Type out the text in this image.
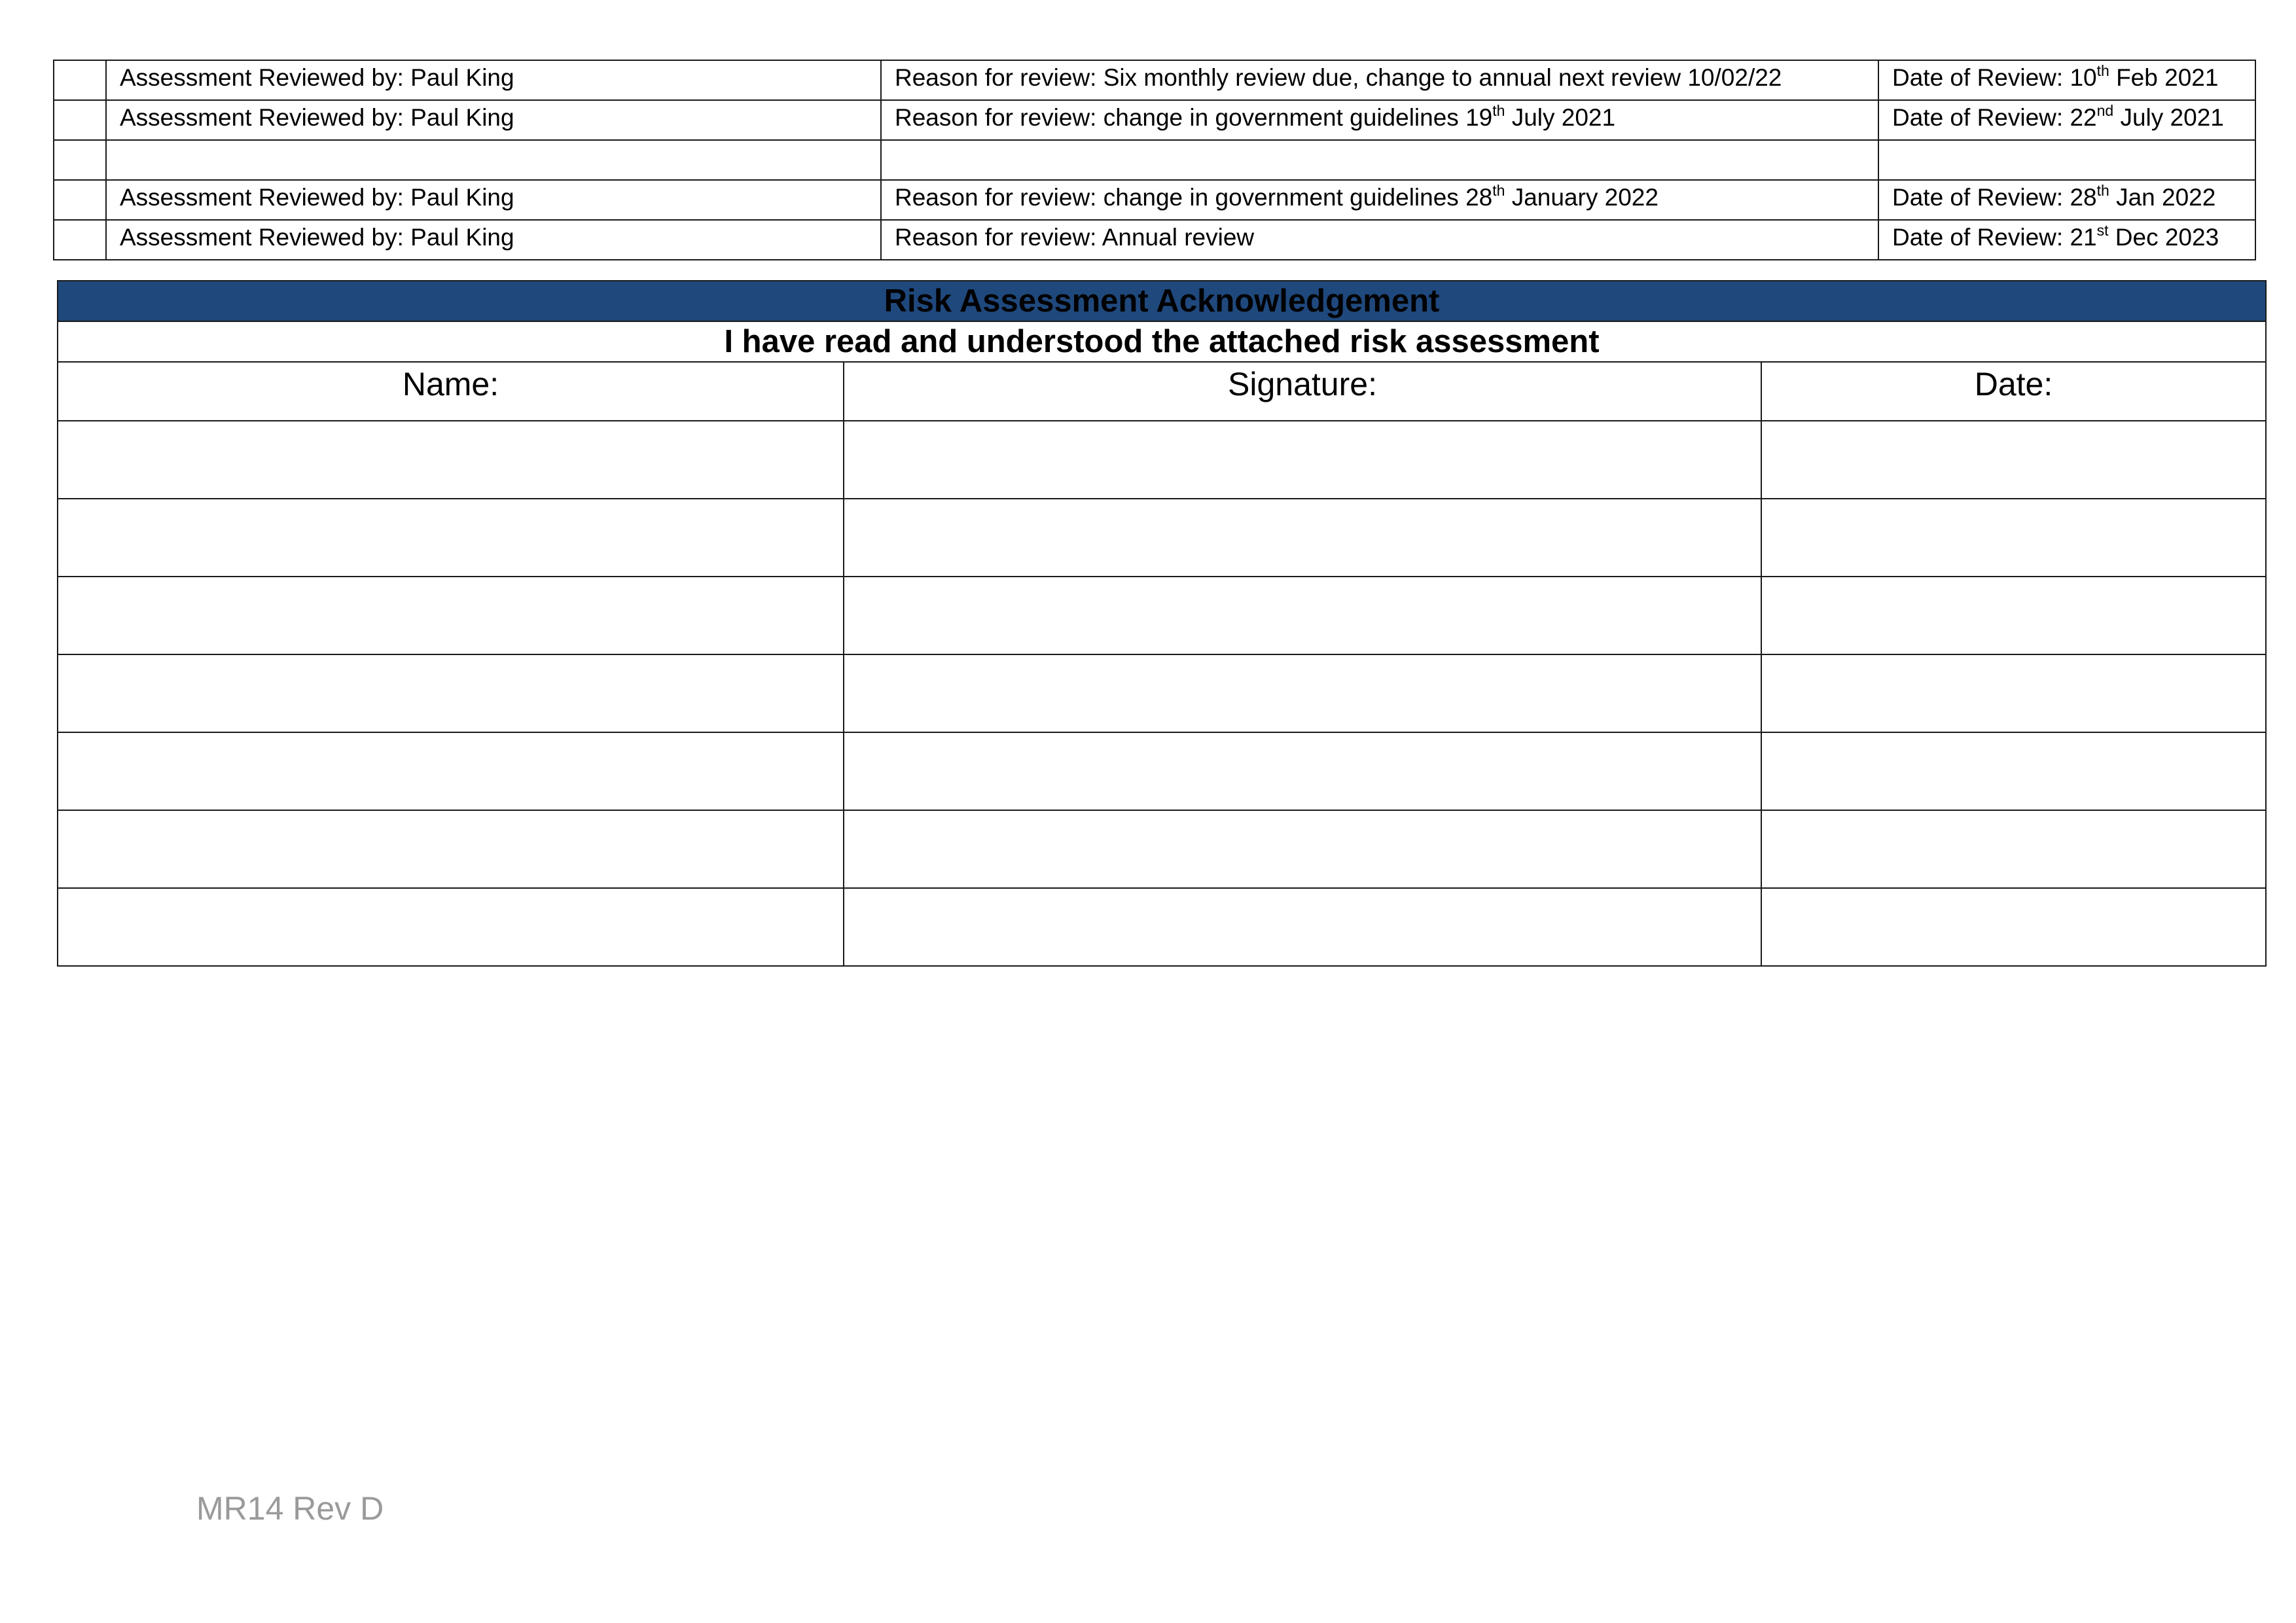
	Assessment Reviewed by: Paul King	Reason for review: Six monthly review due, change to annual next review 10/02/22	Date of Review: 10th Feb 2021
	Assessment Reviewed by: Paul King	Reason for review: change in government guidelines 19th July 2021	Date of Review: 22nd July 2021

	Assessment Reviewed by: Paul King	Reason for review: change in government guidelines 28th January 2022	Date of Review: 28th Jan 2022
	Assessment Reviewed by: Paul King	Reason for review: Annual review	Date of Review: 21st Dec 2023
Risk Assessment Acknowledgement		
I have read and understood the attached risk assessment		
Name:	Signature:	Date:

MR14 Rev D
